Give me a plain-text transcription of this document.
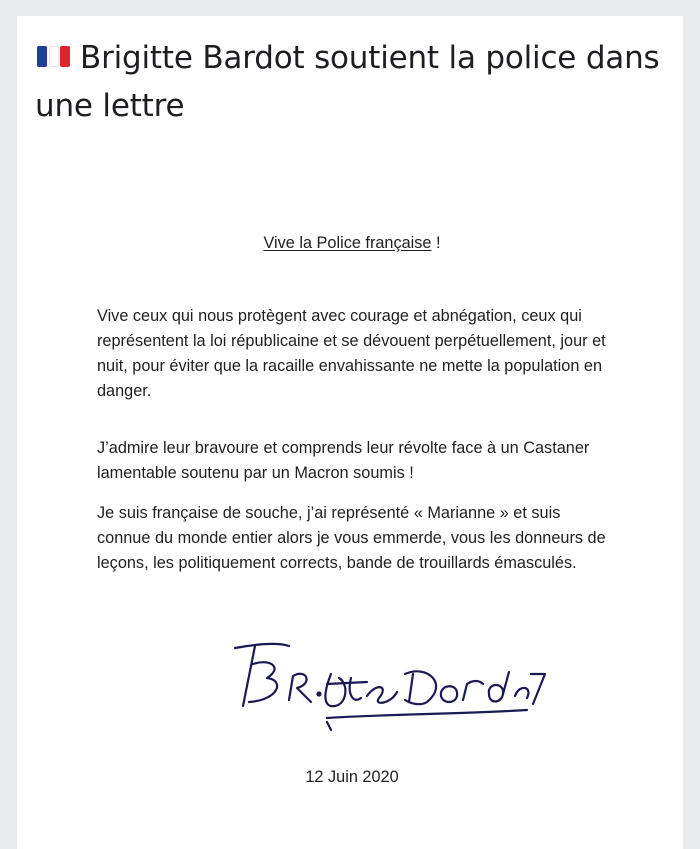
Brigitte Bardot soutient la police dans une lettre
Vive la Police française !

Vive ceux qui nous protègent avec courage et abnégation, ceux qui représentent la loi républicaine et se dévouent perpétuellement, jour et nuit, pour éviter que la racaille envahissante ne mette la population en danger.

J’admire leur bravoure et comprends leur révolte face à un Castaner lamentable soutenu par un Macron soumis !

Je suis française de souche, j’ai représenté « Marianne » et suis connue du monde entier alors je vous emmerde, vous les donneurs de leçons, les politiquement corrects, bande de trouillards émasculés.

12 Juin 2020
